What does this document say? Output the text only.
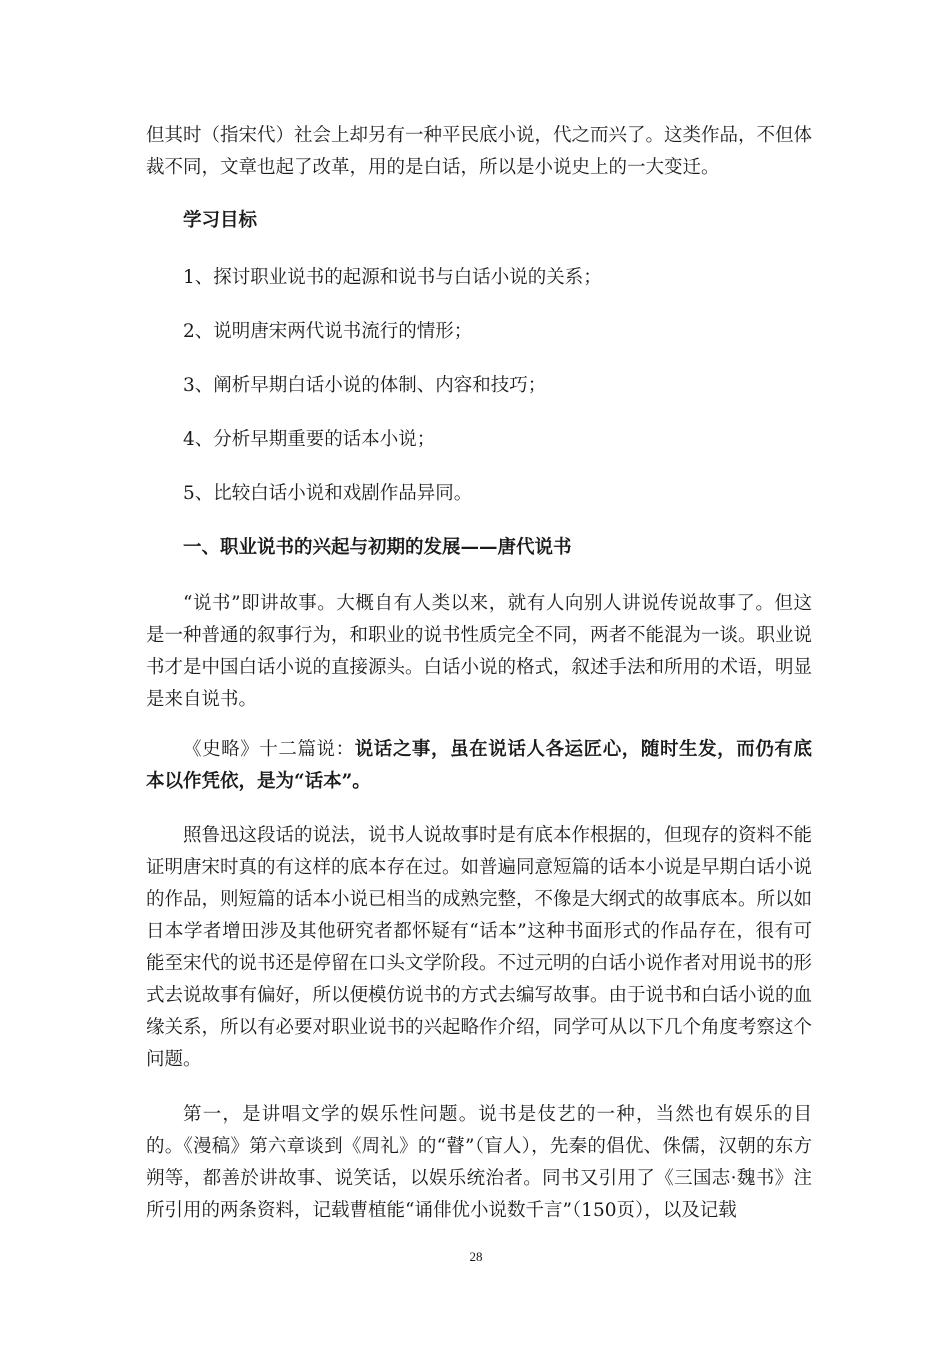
但其时（指宋代）社会上却另有一种平民底小说，代之而兴了。这类作品，不但体裁不同，文章也起了改革，用的是白话，所以是小说史上的一大变迁。

学习目标

1、探讨职业说书的起源和说书与白话小说的关系；

2、说明唐宋两代说书流行的情形；

3、阐析早期白话小说的体制、内容和技巧；

4、分析早期重要的话本小说；

5、比较白话小说和戏剧作品异同。

一、职业说书的兴起与初期的发展——唐代说书

“说书”即讲故事。大概自有人类以来，就有人向别人讲说传说故事了。但这是一种普通的叙事行为，和职业的说书性质完全不同，两者不能混为一谈。职业说书才是中国白话小说的直接源头。白话小说的格式，叙述手法和所用的术语，明显是来自说书。

《史略》十二篇说：说话之事，虽在说话人各运匠心，随时生发，而仍有底本以作凭依，是为“话本”。

照鲁迅这段话的说法，说书人说故事时是有底本作根据的，但现存的资料不能证明唐宋时真的有这样的底本存在过。如普遍同意短篇的话本小说是早期白话小说的作品，则短篇的话本小说已相当的成熟完整，不像是大纲式的故事底本。所以如日本学者增田涉及其他研究者都怀疑有“话本”这种书面形式的作品存在，很有可能至宋代的说书还是停留在口头文学阶段。不过元明的白话小说作者对用说书的形式去说故事有偏好，所以便模仿说书的方式去编写故事。由于说书和白话小说的血缘关系，所以有必要对职业说书的兴起略作介绍，同学可从以下几个角度考察这个问题。

第一，是讲唱文学的娱乐性问题。说书是伎艺的一种，当然也有娱乐的目的。《漫稿》第六章谈到《周礼》的“瞽”（盲人），先秦的倡优、侏儒，汉朝的东方朔等，都善於讲故事、说笑话，以娱乐统治者。同书又引用了《三国志·魏书》注所引用的两条资料，记载曹植能“诵俳优小说数千言”（150页），以及记载

28
